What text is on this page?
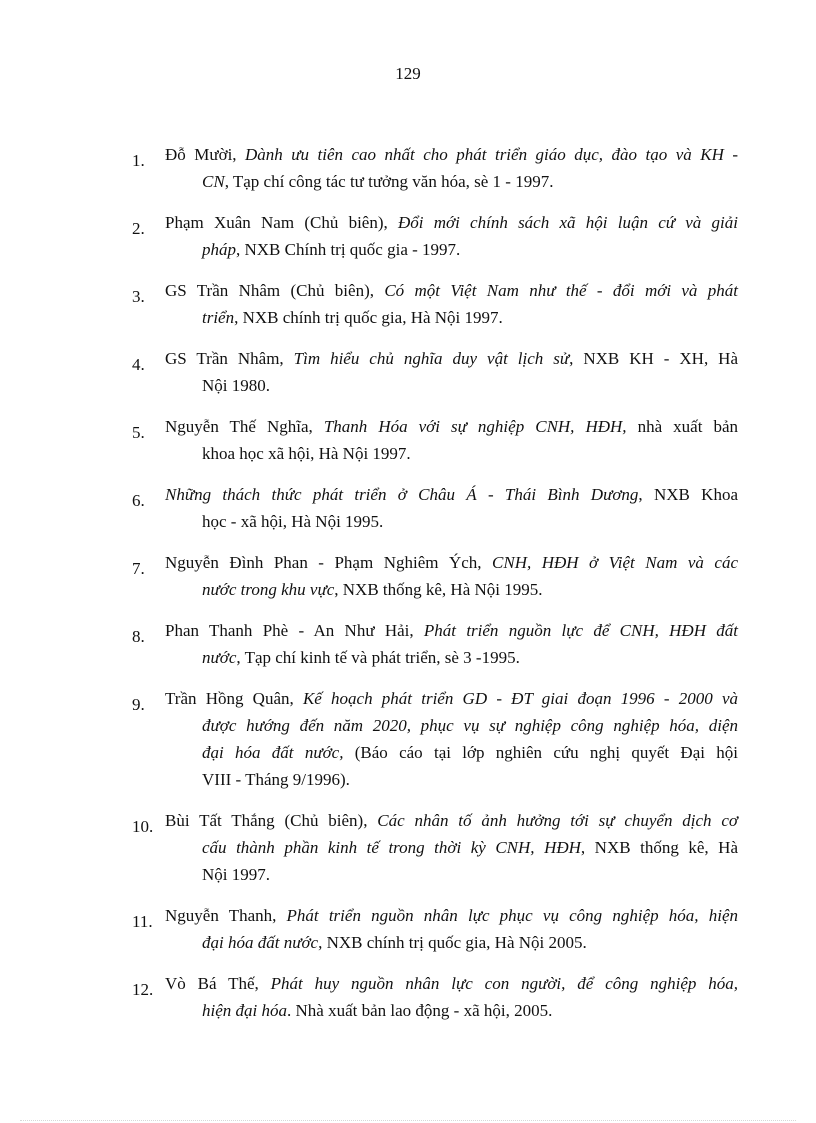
129
1.	Đỗ Mười, Dành ưu tiên cao nhất cho phát triển giáo dục, đào tạo và KH -
CN, Tạp chí công tác tư tưởng văn hóa, sè 1 - 1997.
2.	Phạm Xuân Nam (Chủ biên), Đổi mới chính sách xã hội luận cứ và giải
pháp, NXB Chính trị quốc gia - 1997.
3.	GS Trần Nhâm (Chủ biên), Có một Việt Nam như thế - đổi mới và phát
triển, NXB chính trị quốc gia, Hà Nội 1997.
4.	GS Trần Nhâm, Tìm hiểu chủ nghĩa duy vật lịch sử, NXB KH - XH, Hà
Nội 1980.
5.	Nguyễn Thế Nghĩa, Thanh Hóa với sự nghiệp CNH, HĐH, nhà xuất bản
khoa học xã hội, Hà Nội 1997.
6.	Những thách thức phát triển ở Châu Á - Thái Bình Dương, NXB Khoa
học - xã hội, Hà Nội 1995.
7.	Nguyễn Đình Phan - Phạm Nghiêm Ých, CNH, HĐH ở Việt Nam và các
nước trong khu vực, NXB thống kê, Hà Nội 1995.
8.	Phan Thanh Phè - An Như Hải, Phát triển nguồn lực để CNH, HĐH đất
nước, Tạp chí kinh tế và phát triển, sè 3 -1995.
9.	Trần Hồng Quân, Kế hoạch phát triển GD - ĐT giai đoạn 1996 - 2000 và
được hướng đến năm 2020, phục vụ sự nghiệp công nghiệp hóa, diện
đại hóa đất nước, (Báo cáo tại lớp nghiên cứu nghị quyết Đại hội
VIII - Tháng 9/1996).
10. Bùi Tất Thắng (Chủ biên), Các nhân tố ảnh hưởng tới sự chuyển dịch cơ
cấu thành phần kinh tế trong thời kỳ CNH, HĐH, NXB thống kê, Hà
Nội 1997.
11. Nguyễn Thanh, Phát triển nguồn nhân lực phục vụ công nghiệp hóa, hiện
đại hóa đất nước, NXB chính trị quốc gia, Hà Nội 2005.
12. Vò Bá Thế, Phát huy nguồn nhân lực con người, để công nghiệp hóa,
hiện đại hóa. Nhà xuất bản lao động - xã hội, 2005.
